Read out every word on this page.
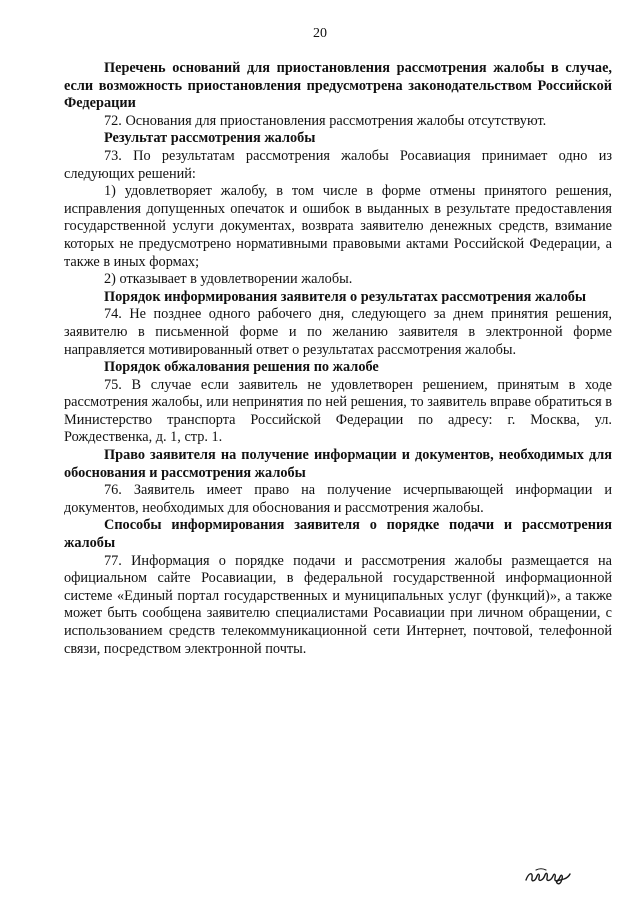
20

Перечень оснований для приостановления рассмотрения жалобы в случае, если возможность приостановления предусмотрена законодательством Российской Федерации

72. Основания для приостановления рассмотрения жалобы отсутствуют.

Результат рассмотрения жалобы

73. По результатам рассмотрения жалобы Росавиация принимает одно из следующих решений:

1) удовлетворяет жалобу, в том числе в форме отмены принятого решения, исправления допущенных опечаток и ошибок в выданных в результате предоставления государственной услуги документах, возврата заявителю денежных средств, взимание которых не предусмотрено нормативными правовыми актами Российской Федерации, а также в иных формах;

2) отказывает в удовлетворении жалобы.

Порядок информирования заявителя о результатах рассмотрения жалобы

74. Не позднее одного рабочего дня, следующего за днем принятия решения, заявителю в письменной форме и по желанию заявителя в электронной форме направляется мотивированный ответ о результатах рассмотрения жалобы.

Порядок обжалования решения по жалобе

75. В случае если заявитель не удовлетворен решением, принятым в ходе рассмотрения жалобы, или непринятия по ней решения, то заявитель вправе обратиться в Министерство транспорта Российской Федерации по адресу: г. Москва, ул. Рождественка, д. 1, стр. 1.

Право заявителя на получение информации и документов, необходимых для обоснования и рассмотрения жалобы

76. Заявитель имеет право на получение исчерпывающей информации и документов, необходимых для обоснования и рассмотрения жалобы.

Способы информирования заявителя о порядке подачи и рассмотрения жалобы

77. Информация о порядке подачи и рассмотрения жалобы размещается на официальном сайте Росавиации, в федеральной государственной информационной системе «Единый портал государственных и муниципальных услуг (функций)», а также может быть сообщена заявителю специалистами Росавиации при личном обращении, с использованием средств телекоммуникационной сети Интернет, почтовой, телефонной связи, посредством электронной почты.
